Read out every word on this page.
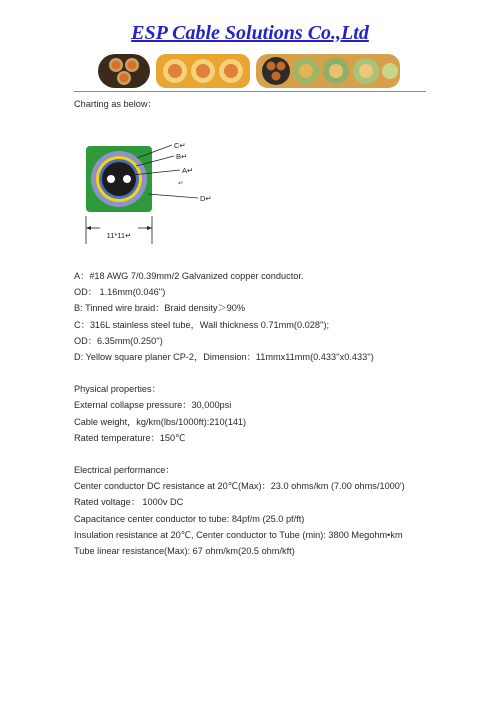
ESP Cable Solutions Co.,Ltd
Charting as below：
C↵
B↵
A↵
↵
D↵
11*11↵
A：#18 AWG 7/0.39mm/2 Galvanized copper conductor.
OD： 1.16mm(0.046'')
B: Tinned wire braid：Braid density＞90%
C：316L stainless steel tube，Wall thickness 0.71mm(0.028'');
OD：6.35mm(0.250'')
D: Yellow square planer CP-2，Dimension：11mmx11mm(0.433''x0.433'')
Physical properties：
External collapse pressure：30,000psi
Cable weight，kg/km(lbs/1000ft):210(141)
Rated temperature：150℃
Electrical performance：
Center conductor DC resistance at 20℃(Max)：23.0 ohms/km (7.00 ohms/1000')
Rated voltage： 1000v DC
Capacitance center conductor to tube: 84pf/m (25.0 pf/ft)
Insulation resistance at 20℃, Center conductor to Tube (min): 3800 Megohm•km
Tube linear resistance(Max): 67 ohm/km(20.5 ohm/kft)
